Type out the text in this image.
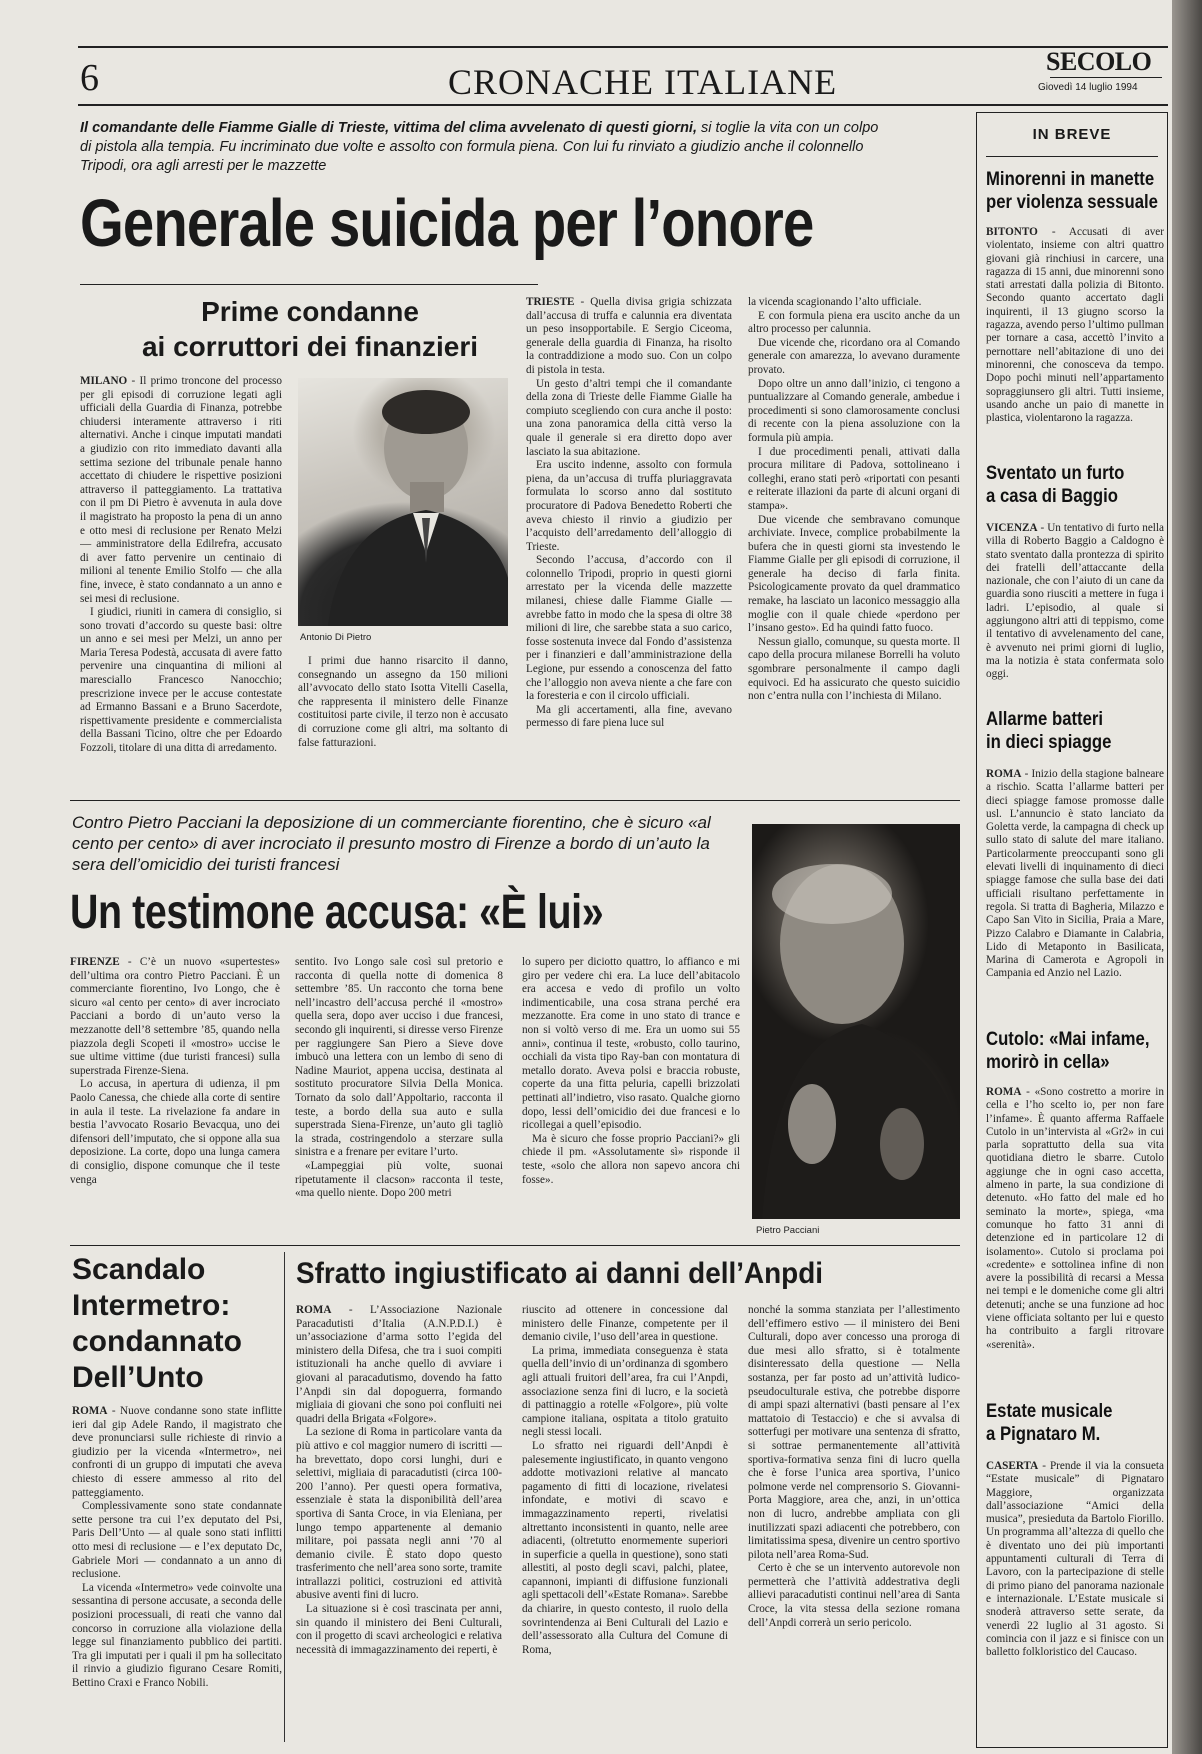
6	CRONACHE ITALIANE
SECOLO
Giovedì 14 luglio 1994
Il comandante delle Fiamme Gialle di Trieste, vittima del clima avvelenato di questi giorni, si toglie la vita con un colpo di pistola alla tempia. Fu incriminato due volte e assolto con formula piena. Con lui fu rinviato a giudizio anche il colonnello Tripodi, ora agli arresti per le mazzette
Generale suicida per l’onore
Prime condanne
ai corruttori dei finanzieri

MILANO - Il primo troncone del processo per gli episodi di corruzione legati agli ufficiali della Guardia di Finanza, potrebbe chiudersi interamente attraverso i riti alternativi. Anche i cinque imputati mandati a giudizio con rito immediato davanti alla settima sezione del tribunale penale hanno accettato di chiudere le rispettive posizioni attraverso il patteggiamento. La trattativa con il pm Di Pietro è avvenuta in aula dove il magistrato ha proposto la pena di un anno e otto mesi di reclusione per Renato Melzi — amministratore della Edilrefra, accusato di aver fatto pervenire un centinaio di milioni al tenente Emilio Stolfo — che alla fine, invece, è stato condannato a un anno e sei mesi di reclusione.

I giudici, riuniti in camera di consiglio, si sono trovati d’accordo su queste basi: oltre un anno e sei mesi per Melzi, un anno per Maria Teresa Podestà, accusata di avere fatto pervenire una cinquantina di milioni al maresciallo Francesco Nanocchio; prescrizione invece per le accuse contestate ad Ermanno Bassani e a Bruno Sacerdote, rispettivamente presidente e commercialista della Bassani Ticino, oltre che per Edoardo Fozzoli, titolare di una ditta di arredamento.

Antonio Di Pietro

I primi due hanno risarcito il danno, consegnando un assegno da 150 milioni all’avvocato dello stato Isotta Vitelli Casella, che rappresenta il ministero delle Finanze costituitosi parte civile, il terzo non è accusato di corruzione come gli altri, ma soltanto di false fatturazioni.

TRIESTE - Quella divisa grigia schizzata dall’accusa di truffa e calunnia era diventata un peso insopportabile. E Sergio Ciceoma, generale della guardia di Finanza, ha risolto la contraddizione a modo suo. Con un colpo di pistola in testa.

Un gesto d’altri tempi che il comandante della zona di Trieste delle Fiamme Gialle ha compiuto scegliendo con cura anche il posto: una zona panoramica della città verso la quale il generale si era diretto dopo aver lasciato la sua abitazione.

Era uscito indenne, assolto con formula piena, da un’accusa di truffa pluriaggravata formulata lo scorso anno dal sostituto procuratore di Padova Benedetto Roberti che aveva chiesto il rinvio a giudizio per l’acquisto dell’arredamento dell’alloggio di Trieste.

Secondo l’accusa, d’accordo con il colonnello Tripodi, proprio in questi giorni arrestato per la vicenda delle mazzette milanesi, chiese dalle Fiamme Gialle — avrebbe fatto in modo che la spesa di oltre 38 milioni di lire, che sarebbe stata a suo carico, fosse sostenuta invece dal Fondo d’assistenza per i finanzieri e dall’amministrazione della Legione, pur essendo a conoscenza del fatto che l’alloggio non aveva niente a che fare con la foresteria e con il circolo ufficiali.

Ma gli accertamenti, alla fine, avevano permesso di fare piena luce sul

la vicenda scagionando l’alto ufficiale.

E con formula piena era uscito anche da un altro processo per calunnia.

Due vicende che, ricordano ora al Comando generale con amarezza, lo avevano duramente provato.

Dopo oltre un anno dall’inizio, ci tengono a puntualizzare al Comando generale, ambedue i procedimenti si sono clamorosamente conclusi di recente con la piena assoluzione con la formula più ampia.

I due procedimenti penali, attivati dalla procura militare di Padova, sottolineano i colleghi, erano stati però «riportati con pesanti e reiterate illazioni da parte di alcuni organi di stampa».

Due vicende che sembravano comunque archiviate. Invece, complice probabilmente la bufera che in questi giorni sta investendo le Fiamme Gialle per gli episodi di corruzione, il generale ha deciso di farla finita. Psicologicamente provato da quel drammatico remake, ha lasciato un laconico messaggio alla moglie con il quale chiede «perdono per l’insano gesto». Ed ha quindi fatto fuoco.

Nessun giallo, comunque, su questa morte. Il capo della procura milanese Borrelli ha voluto sgombrare personalmente il campo dagli equivoci. Ed ha assicurato che questo suicidio non c’entra nulla con l’inchiesta di Milano.

Contro Pietro Pacciani la deposizione di un commerciante fiorentino, che è sicuro «al cento per cento» di aver incrociato il presunto mostro di Firenze a bordo di un’auto la sera dell’omicidio dei turisti francesi
Un testimone accusa: «È lui»

FIRENZE - C’è un nuovo «supertestes» dell’ultima ora contro Pietro Pacciani. È un commerciante fiorentino, Ivo Longo, che è sicuro «al cento per cento» di aver incrociato Pacciani a bordo di un’auto verso la mezzanotte dell’8 settembre ’85, quando nella piazzola degli Scopeti il «mostro» uccise le sue ultime vittime (due turisti francesi) sulla superstrada Firenze-Siena.

Lo accusa, in apertura di udienza, il pm Paolo Canessa, che chiede alla corte di sentire in aula il teste. La rivelazione fa andare in bestia l’avvocato Rosario Bevacqua, uno dei difensori dell’imputato, che si oppone alla sua deposizione. La corte, dopo una lunga camera di consiglio, dispone comunque che il teste venga

sentito. Ivo Longo sale così sul pretorio e racconta di quella notte di domenica 8 settembre ’85. Un racconto che torna bene nell’incastro dell’accusa perché il «mostro» quella sera, dopo aver ucciso i due francesi, secondo gli inquirenti, si diresse verso Firenze per raggiungere San Piero a Sieve dove imbucò una lettera con un lembo di seno di Nadine Mauriot, appena uccisa, destinata al sostituto procuratore Silvia Della Monica. Tornato da solo dall’Appoltario, racconta il teste, a bordo della sua auto e sulla superstrada Siena-Firenze, un’auto gli tagliò la strada, costringendolo a sterzare sulla sinistra e a frenare per evitare l’urto.

«Lampeggiai più volte, suonai ripetutamente il clacson» racconta il teste, «ma quello niente. Dopo 200 metri

lo supero per diciotto quattro, lo affianco e mi giro per vedere chi era. La luce dell’abitacolo era accesa e vedo di profilo un volto indimenticabile, una cosa strana perché era mezzanotte. Era come in uno stato di trance e non si voltò verso di me. Era un uomo sui 55 anni», continua il teste, «robusto, collo taurino, occhiali da vista tipo Ray-ban con montatura di metallo dorato. Aveva polsi e braccia robuste, coperte da una fitta peluria, capelli brizzolati pettinati all’indietro, viso rasato. Qualche giorno dopo, lessi dell’omicidio dei due francesi e lo ricollegai a quell’episodio.

Ma è sicuro che fosse proprio Pacciani?» gli chiede il pm. «Assolutamente sì» risponde il teste, «solo che allora non sapevo ancora chi fosse».

Pietro Pacciani
Scandalo
Intermetro:
condannato
Dell’Unto

ROMA - Nuove condanne sono state inflitte ieri dal gip Adele Rando, il magistrato che deve pronunciarsi sulle richieste di rinvio a giudizio per la vicenda «Intermetro», nei confronti di un gruppo di imputati che aveva chiesto di essere ammesso al rito del patteggiamento.

Complessivamente sono state condannate sette persone tra cui l’ex deputato del Psi, Paris Dell’Unto — al quale sono stati inflitti otto mesi di reclusione — e l’ex deputato Dc, Gabriele Mori — condannato a un anno di reclusione.

La vicenda «Intermetro» vede coinvolte una sessantina di persone accusate, a seconda delle posizioni processuali, di reati che vanno dal concorso in corruzione alla violazione della legge sul finanziamento pubblico dei partiti. Tra gli imputati per i quali il pm ha sollecitato il rinvio a giudizio figurano Cesare Romiti, Bettino Craxi e Franco Nobili.

Sfratto ingiustificato ai danni dell’Anpdi

ROMA - L’Associazione Nazionale Paracadutisti d’Italia (A.N.P.D.I.) è un’associazione d’arma sotto l’egida del ministero della Difesa, che tra i suoi compiti istituzionali ha anche quello di avviare i giovani al paracadutismo, dovendo ha fatto l’Anpdi sin dal dopoguerra, formando migliaia di giovani che sono poi confluiti nei quadri della Brigata «Folgore».

La sezione di Roma in particolare vanta da più attivo e col maggior numero di iscritti — ha brevettato, dopo corsi lunghi, duri e selettivi, migliaia di paracadutisti (circa 100-200 l’anno). Per questi opera formativa, essenziale è stata la disponibilità dell’area sportiva di Santa Croce, in via Elenìana, per lungo tempo appartenente al demanio militare, poi passata negli anni ’70 al demanio civile. È stato dopo questo trasferimento che nell’area sono sorte, tramite intrallazzi politici, costruzioni ed attività abusive aventi fini di lucro.

La situazione si è così trascinata per anni, sin quando il ministero dei Beni Culturali, con il progetto di scavi archeologici e relativa necessità di immagazzinamento dei reperti, è

riuscito ad ottenere in concessione dal ministero delle Finanze, competente per il demanio civile, l’uso dell’area in questione.

La prima, immediata conseguenza è stata quella dell’invio di un’ordinanza di sgombero agli attuali fruitori dell’area, fra cui l’Anpdi, associazione senza fini di lucro, e la società di pattinaggio a rotelle «Folgore», più volte campione italiana, ospitata a titolo gratuito negli stessi locali.

Lo sfratto nei riguardi dell’Anpdi è palesemente ingiustificato, in quanto vengono addotte motivazioni relative al mancato pagamento di fitti di locazione, rivelatesi infondate, e motivi di scavo e immagazzinamento reperti, rivelatisi altrettanto inconsistenti in quanto, nelle aree adiacenti, (oltretutto enormemente superiori in superficie a quella in questione), sono stati allestiti, al posto degli scavi, palchi, platee, capannoni, impianti di diffusione funzionali agli spettacoli dell’«Estate Romana». Sarebbe da chiarire, in questo contesto, il ruolo della sovrintendenza ai Beni Culturali del Lazio e dell’assessorato alla Cultura del Comune di Roma,

nonché la somma stanziata per l’allestimento dell’effimero estivo — il ministero dei Beni Culturali, dopo aver concesso una proroga di due mesi allo sfratto, si è totalmente disinteressato della questione — Nella sostanza, per far posto ad un’attività ludico-pseudoculturale estiva, che potrebbe disporre di ampi spazi alternativi (basti pensare al l’ex mattatoio di Testaccio) e che si avvalsa di sotterfugi per motivare una sentenza di sfratto, si sottrae permanentemente all’attività sportiva-formativa senza fini di lucro quella che è forse l’unica area sportiva, l’unico polmone verde nel comprensorio S. Giovanni-Porta Maggiore, area che, anzi, in un’ottica non di lucro, andrebbe ampliata con gli inutilizzati spazi adiacenti che potrebbero, con limitatissima spesa, divenire un centro sportivo pilota nell’area Roma-Sud.

Certo è che se un intervento autorevole non permetterà che l’attività addestrativa degli allievi paracadutisti continui nell’area di Santa Croce, la vita stessa della sezione romana dell’Anpdi correrà un serio pericolo.

IN BREVE
Minorenni in manette
per violenza sessuale

BITONTO - Accusati di aver violentato, insieme con altri quattro giovani già rinchiusi in carcere, una ragazza di 15 anni, due minorenni sono stati arrestati dalla polizia di Bitonto. Secondo quanto accertato dagli inquirenti, il 13 giugno scorso la ragazza, avendo perso l’ultimo pullman per tornare a casa, accettò l’invito a pernottare nell’abitazione di uno dei minorenni, che conosceva da tempo. Dopo pochi minuti nell’appartamento sopraggiunsero gli altri. Tutti insieme, usando anche un paio di manette in plastica, violentarono la ragazza.

Sventato un furto
a casa di Baggio

VICENZA - Un tentativo di furto nella villa di Roberto Baggio a Caldogno è stato sventato dalla prontezza di spirito dei fratelli dell’attaccante della nazionale, che con l’aiuto di un cane da guardia sono riusciti a mettere in fuga i ladri. L’episodio, al quale si aggiungono altri atti di teppismo, come il tentativo di avvelenamento del cane, è avvenuto nei primi giorni di luglio, ma la notizia è stata confermata solo oggi.

Allarme batteri
in dieci spiagge

ROMA - Inizio della stagione balneare a rischio. Scatta l’allarme batteri per dieci spiagge famose promosse dalle usl. L’annuncio è stato lanciato da Goletta verde, la campagna di check up sullo stato di salute del mare italiano. Particolarmente preoccupanti sono gli elevati livelli di inquinamento di dieci spiagge famose che sulla base dei dati ufficiali risultano perfettamente in regola. Si tratta di Bagheria, Milazzo e Capo San Vito in Sicilia, Praia a Mare, Pizzo Calabro e Diamante in Calabria, Lido di Metaponto in Basilicata, Marina di Camerota e Agropoli in Campania ed Anzio nel Lazio.

Cutolo: «Mai infame,
morirò in cella»

ROMA - «Sono costretto a morire in cella e l’ho scelto io, per non fare l’infame». È quanto afferma Raffaele Cutolo in un’intervista al «Gr2» in cui parla soprattutto della sua vita quotidiana dietro le sbarre. Cutolo aggiunge che in ogni caso accetta, almeno in parte, la sua condizione di detenuto. «Ho fatto del male ed ho seminato la morte», spiega, «ma comunque ho fatto 31 anni di detenzione ed in particolare 12 di isolamento». Cutolo si proclama poi «credente» e sottolinea infine di non avere la possibilità di recarsi a Messa nei tempi e le domeniche come gli altri detenuti; anche se una funzione ad hoc viene officiata soltanto per lui e questo ha contribuito a fargli ritrovare «serenità».

Estate musicale
a Pignataro M.

CASERTA - Prende il via la consueta “Estate musicale” di Pignataro Maggiore, organizzata dall’associazione “Amici della musica”, presieduta da Bartolo Fiorillo. Un programma all’altezza di quello che è diventato uno dei più importanti appuntamenti culturali di Terra di Lavoro, con la partecipazione di stelle di primo piano del panorama nazionale e internazionale. L’Estate musicale si snoderà attraverso sette serate, da venerdì 22 luglio al 31 agosto. Si comincia con il jazz e si finisce con un balletto folkloristico del Caucaso.
